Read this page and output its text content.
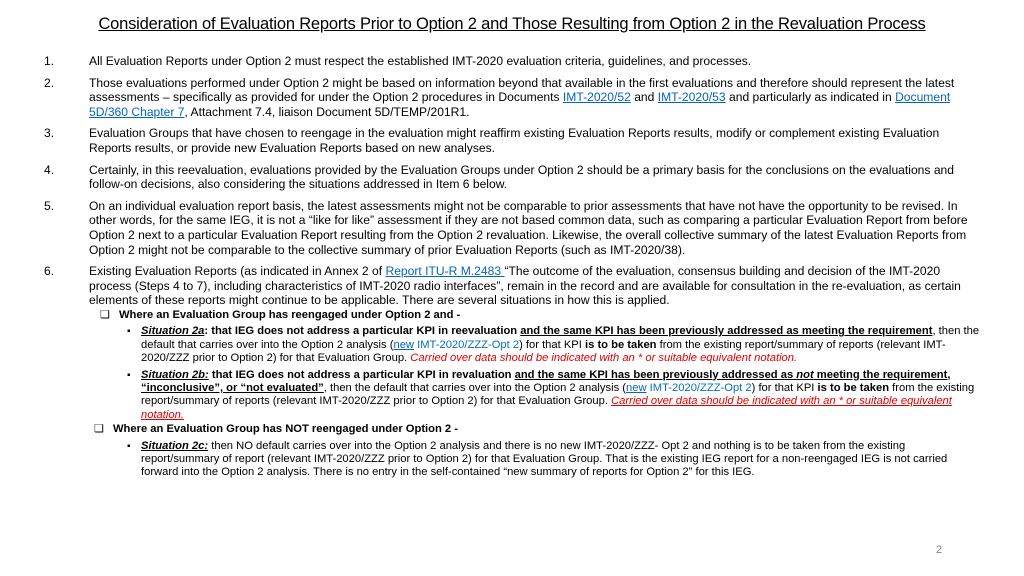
Consideration of Evaluation Reports Prior to Option 2 and Those Resulting from Option 2 in the Revaluation Process
1.	All Evaluation Reports under Option 2 must respect the established IMT-2020 evaluation criteria, guidelines, and processes.
2.	Those evaluations performed under Option 2 might be based on information beyond that available in the first evaluations and therefore should represent the latest assessments – specifically as provided for under the Option 2 procedures in Documents IMT-2020/52 and IMT-2020/53 and particularly as indicated in Document 5D/360 Chapter 7, Attachment 7.4, liaison Document 5D/TEMP/201R1.
3.	Evaluation Groups that have chosen to reengage in the evaluation might reaffirm existing Evaluation Reports results, modify or complement existing Evaluation Reports results, or provide new Evaluation Reports based on new analyses.
4.	Certainly, in this reevaluation, evaluations provided by the Evaluation Groups under Option 2 should be a primary basis for the conclusions on the evaluations and follow-on decisions, also considering the situations addressed in Item 6 below.
5.	On an individual evaluation report basis, the latest assessments might not be comparable to prior assessments that have not have the opportunity to be revised. In other words, for the same IEG, it is not a “like for like” assessment if they are not based common data, such as comparing a particular Evaluation Report from before Option 2 next to a particular Evaluation Report resulting from the Option 2 revaluation. Likewise, the overall collective summary of the latest Evaluation Reports from Option 2 might not be comparable to the collective summary of prior Evaluation Reports (such as IMT-2020/38).
6.	Existing Evaluation Reports (as indicated in Annex 2 of Report ITU-R M.2483 “The outcome of the evaluation, consensus building and decision of the IMT-2020 process (Steps 4 to 7), including characteristics of IMT-2020 radio interfaces”, remain in the record and are available for consultation in the re-evaluation, as certain elements of these reports might continue to be applicable. There are several situations in how this is applied.
❏ Where an Evaluation Group has reengaged under Option 2 and -
▪ Situation 2a: that IEG does not address a particular KPI in reevaluation and the same KPI has been previously addressed as meeting the requirement, then the default that carries over into the Option 2 analysis (new IMT-2020/ZZZ-Opt 2) for that KPI is to be taken from the existing report/summary of reports (relevant IMT-2020/ZZZ prior to Option 2) for that Evaluation Group. Carried over data should be indicated with an * or suitable equivalent notation.
▪ Situation 2b: that IEG does not address a particular KPI in revaluation and the same KPI has been previously addressed as not meeting the requirement, “inconclusive”, or “not evaluated”, then the default that carries over into the Option 2 analysis (new IMT-2020/ZZZ-Opt 2) for that KPI is to be taken from the existing report/summary of reports (relevant IMT-2020/ZZZ prior to Option 2) for that Evaluation Group. Carried over data should be indicated with an * or suitable equivalent notation.
❏ Where an Evaluation Group has NOT reengaged under Option 2 -
▪ Situation 2c: then NO default carries over into the Option 2 analysis and there is no new IMT-2020/ZZZ- Opt 2 and nothing is to be taken from the existing report/summary of report (relevant IMT-2020/ZZZ prior to Option 2) for that Evaluation Group. That is the existing IEG report for a non-reengaged IEG is not carried forward into the Option 2 analysis. There is no entry in the self-contained “new summary of reports for Option 2” for this IEG.
2
